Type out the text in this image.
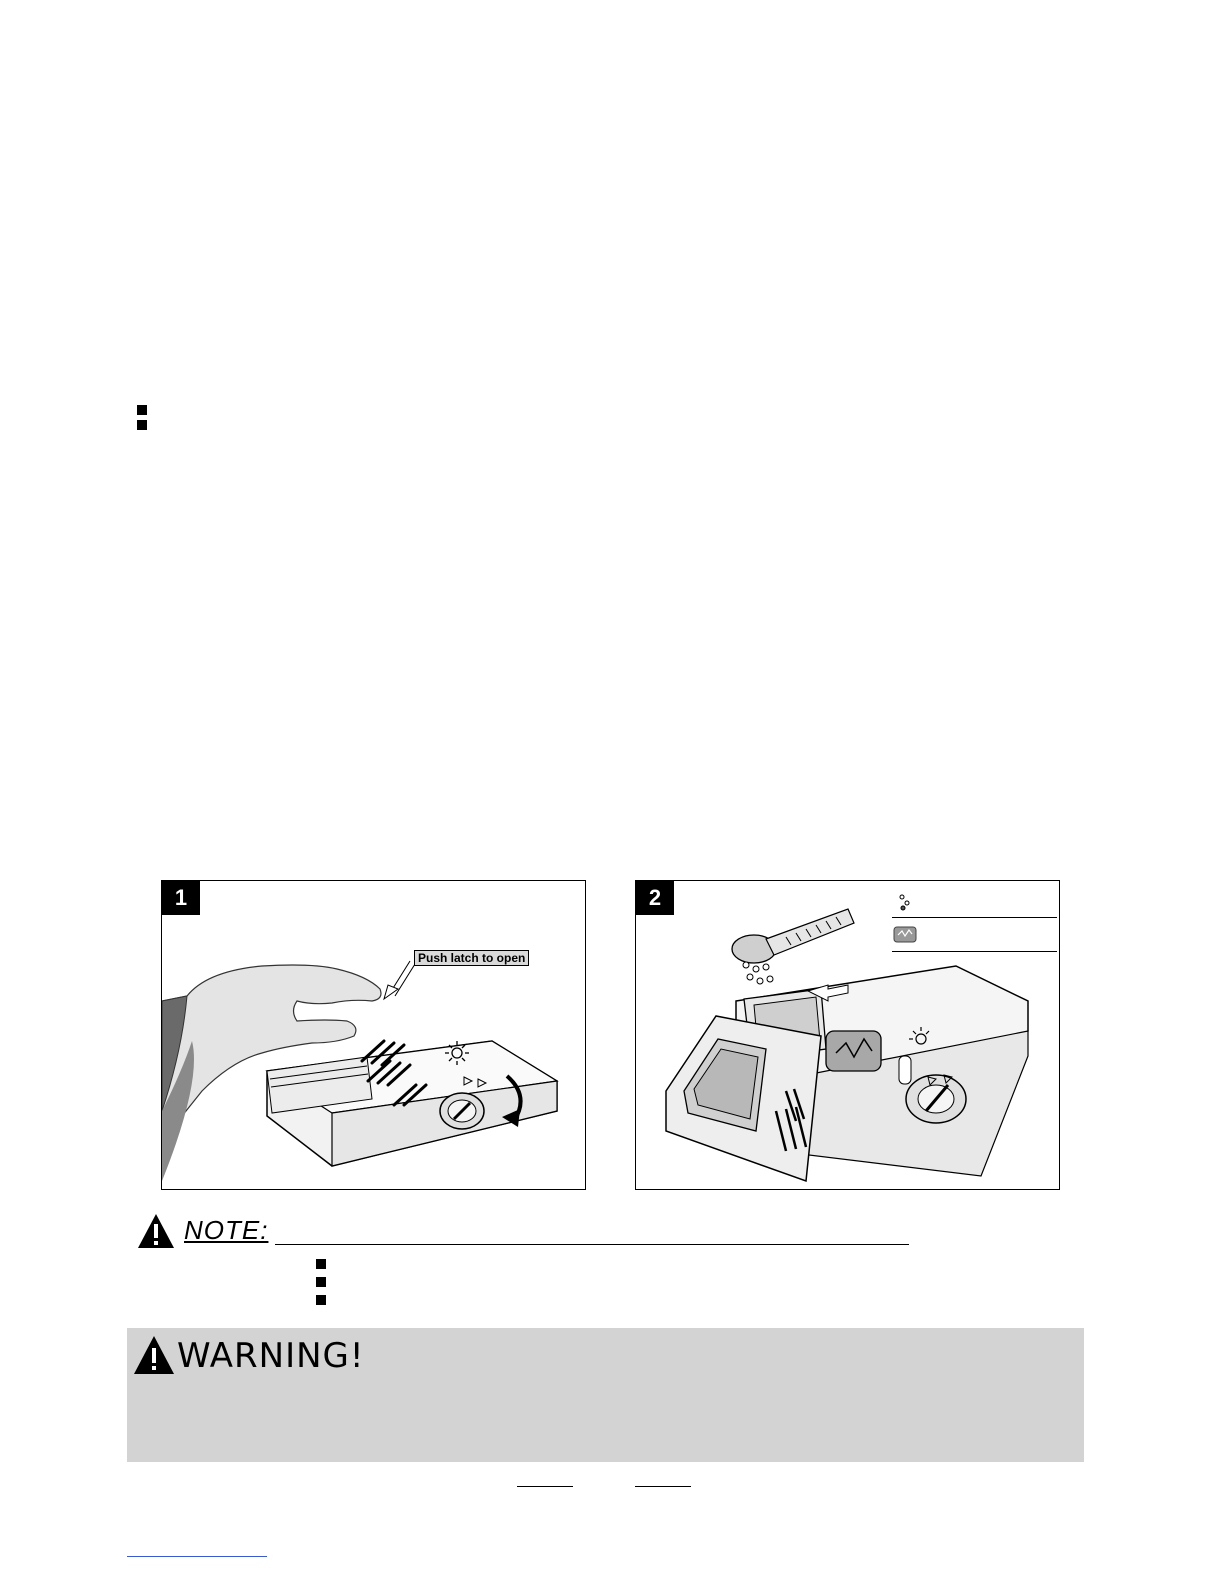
1
Push latch to open
2
NOTE:
WARNING!
